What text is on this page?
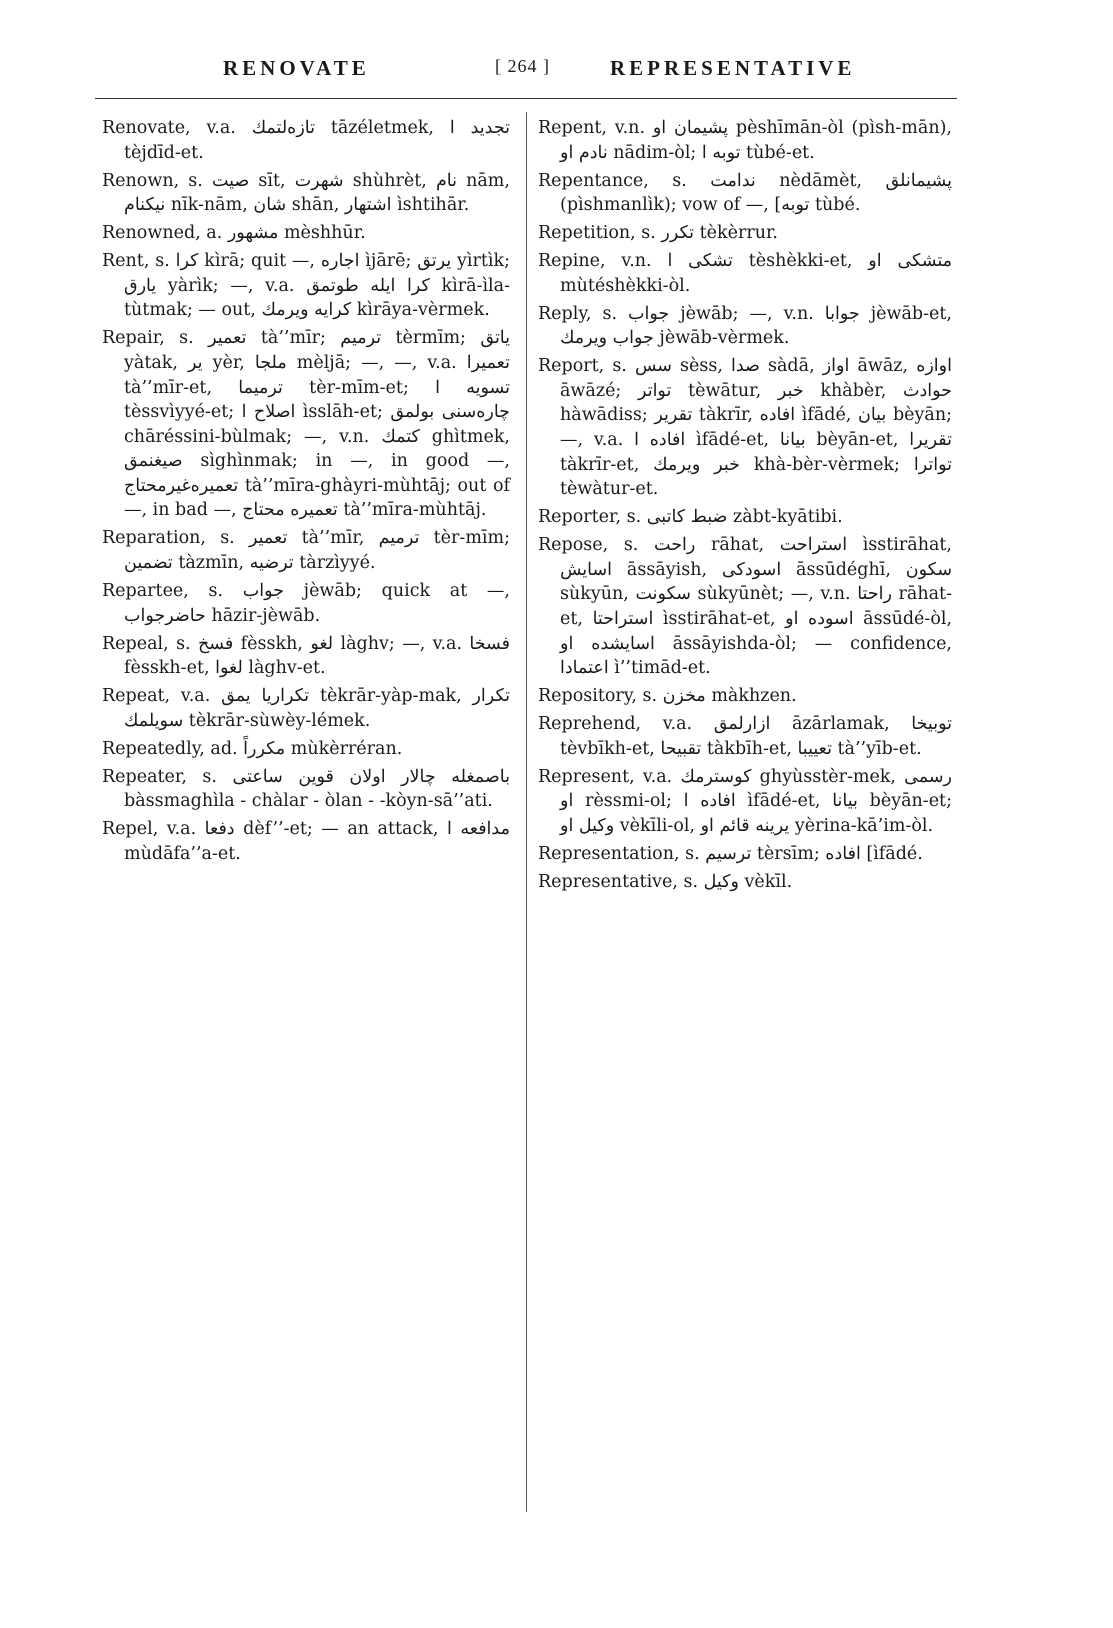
RENOVATE	[ 264 ]	REPRESENTATIVE

Renovate, v.a. تازه‌لتمك tāzéletmek, تجديد ا tèjdīd-et.

Renown, s. صيت sīt, شهرت shùhrèt, نام nām, نيكنام nīk-nām, شان shān, اشتهار ìshtihār.

Renowned, a. مشهور mèshhūr.

Rent, s. كرا kìrā; quit —, اجاره ìjārē; يرتق yìrtìk; يارق yàrìk; —, v.a. كرا ايله طوتمق kìrā-ìla-tùtmak; — out, كرايه ويرمك kìrāya-vèrmek.

Repair, s. تعمير tà’’mīr; ترميم tèrmīm; ياتق yàtak, ير yèr, ملجا mèljā; —, —, v.a. تعميرا tà’’mīr-et, ترميما tèr-mīm-et; تسويه ا tèssvìyyé-et; اصلاح ا ìsslāh-et; چاره‌سنى بولمق chāréssini-bùlmak; —, v.n. كتمك ghìtmek, صيغنمق sìghìnmak; in —, in good —, تعميره‌غيرمحتاج tà’’mīra-ghàyri-mùhtāj; out of —, in bad —, تعميره محتاج tà’’mīra-mùhtāj.

Reparation, s. تعمير tà’’mīr, ترميم tèr-mīm; تضمين tàzmīn, ترضيه tàrzìyyé.

Repartee, s. جواب jèwāb; quick at —, حاضرجواب hāzir-jèwāb.

Repeal, s. فسخ fèsskh, لغو làghv; —, v.a. فسخا fèsskh-et, لغوا làghv-et.

Repeat, v.a. تكراريا يمق tèkrār-yàp-mak, تكرار سويلمك tèkrār-sùwèy-lémek.

Repeatedly, ad. مكرراً mùkèrréran.

Repeater, s. باصمغله چالار اولان قوين ساعتى bàssmaghìla - chàlar - òlan - -kòyn-sā’’ati.

Repel, v.a. دفعا dèf’’-et; — an attack, مدافعه ا mùdāfa’’a-et.

Repent, v.n. پشيمان او pèshīmān-òl (pìsh-mān), نادم او nādim-òl; توبه ا tùbé-et.

Repentance, s. ندامت nèdāmèt, پشيمانلق (pìshmanlìk); vow of —, [توبه tùbé.

Repetition, s. تكرر tèkèrrur.

Repine, v.n. تشكى ا tèshèkki-et, متشكى او mùtéshèkki-òl.

Reply, s. جواب jèwāb; —, v.n. جوابا jèwāb-et, جواب ويرمك jèwāb-vèrmek.

Report, s. سس sèss, صدا sàdā, اواز āwāz, اوازه āwāzé; تواتر tèwātur, خبر khàbèr, حوادث hàwādiss; تقرير tàkrīr, افاده ìfādé, بيان bèyān; —, v.a. افاده ا ìfādé-et, بيانا bèyān-et, تقريرا tàkrīr-et, خبر ويرمك khà-bèr-vèrmek; تواترا tèwàtur-et.

Reporter, s. ضبط كاتبى zàbt-kyātibi.

Repose, s. راحت rāhat, استراحت ìsstirāhat, اسايش āssāyish, اسودكى āssūdéghī, سكون sùkyūn, سكونت sùkyūnèt; —, v.n. راحتا rāhat-et, استراحتا ìsstirāhat-et, اسوده او āssūdé-òl, اسايشده او āssāyishda-òl; — confidence, اعتمادا ì’’timād-et.

Repository, s. مخزن màkhzen.

Reprehend, v.a. ازارلمق āzārlamak, توبيخا tèvbīkh-et, تقبيحا tàkbīh-et, تعييبا tà’’yīb-et.

Represent, v.a. كوسترمك ghyùsstèr-mek, رسمى او rèssmi-ol; افاده ا ìfādé-et, بيانا bèyān-et; وكيل او vèkīli-ol, يرينه قائم او yèrina-kā’im-òl.

Representation, s. ترسيم tèrsīm; افاده [ìfādé.

Representative, s. وكيل vèkīl.
